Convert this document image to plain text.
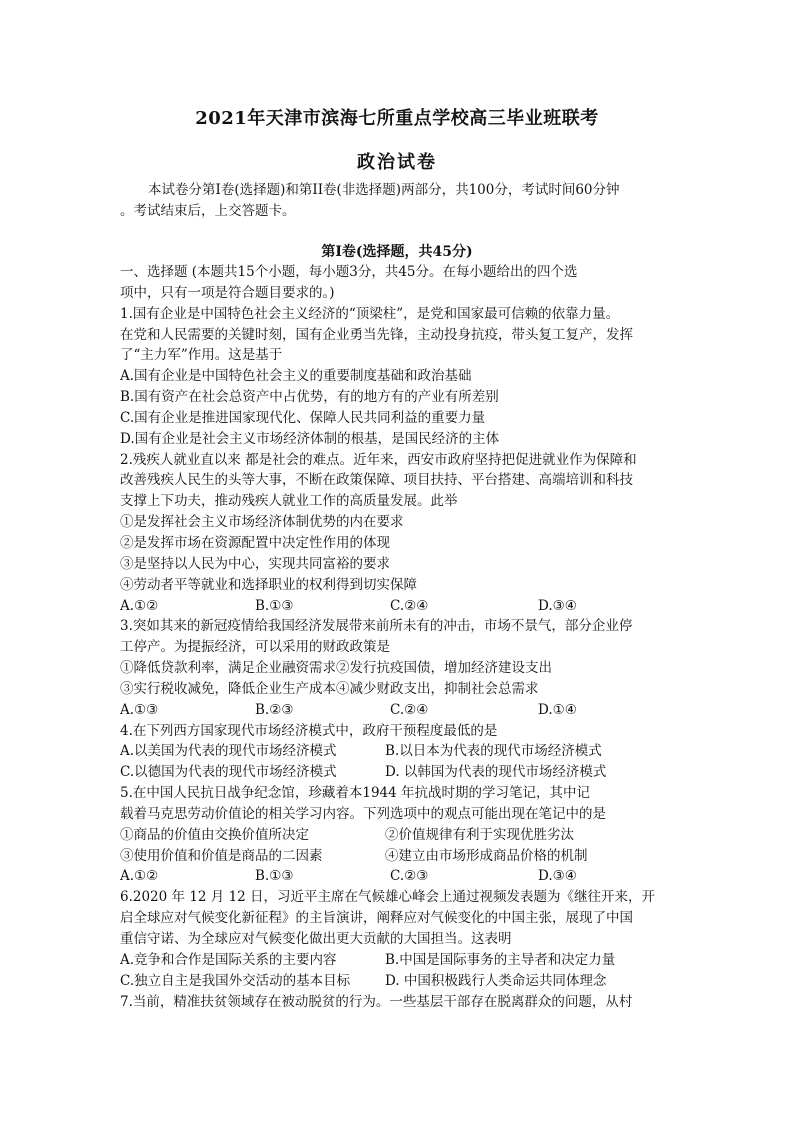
2021年天津市滨海七所重点学校高三毕业班联考
政治试卷
本试卷分第I卷(选择题)和第II卷(非选择题)两部分，共100分，考试时间60分钟
。考试结束后，上交答题卡。
第I卷(选择题，共45分)
一、选择题 (本题共15个小题，每小题3分，共45分。在每小题给出的四个选
项中，只有一项是符合题目要求的。)
1.国有企业是中国特色社会主义经济的“顶梁柱”，是党和国家最可信赖的依靠力量。
在党和人民需要的关键时刻，国有企业勇当先锋，主动投身抗疫，带头复工复产，发挥
了“主力军”作用。这是基于
A.国有企业是中国特色社会主义的重要制度基础和政治基础
B.国有资产在社会总资产中占优势，有的地方有的产业有所差别
C.国有企业是推进国家现代化、保障人民共同利益的重要力量
D.国有企业是社会主义市场经济体制的根基，是国民经济的主体
2.残疾人就业直以来 都是社会的难点。近年来，西安市政府坚持把促进就业作为保障和
改善残疾人民生的头等大事，不断在政策保障、项目扶持、平台搭建、高端培训和科技
支撑上下功夫，推动残疾人就业工作的高质量发展。此举
①是发挥社会主义市场经济体制优势的内在要求
②是发挥市场在资源配置中决定性作用的体现
③是坚持以人民为中心，实现共同富裕的要求
④劳动者平等就业和选择职业的权利得到切实保障
A.①②	B.①③	C.②④	D.③④
3.突如其来的新冠疫情给我国经济发展带来前所未有的冲击，市场不景气，部分企业停
工停产。为提振经济，可以采用的财政政策是
①降低贷款利率，满足企业融资需求②发行抗疫国债，增加经济建设支出
③实行税收减免，降低企业生产成本④减少财政支出，抑制社会总需求
A.①③	B.②③	C.②④	D.①④
4.在下列西方国家现代市场经济模式中，政府干预程度最低的是
A.以美国为代表的现代市场经济模式	B.以日本为代表的现代市场经济模式
C.以德国为代表的现代市场经济模式	D. 以韩国为代表的现代市场经济模式
5.在中国人民抗日战争纪念馆，珍藏着本1944 年抗战时期的学习笔记，其中记
载着马克思劳动价值论的相关学习内容。下列选项中的观点可能出现在笔记中的是
①商品的价值由交换价值所决定	②价值规律有利于实现优胜劣汰
③使用价值和价值是商品的二因素	④建立由市场形成商品价格的机制
A.①②	B.①③	C.②③	D.③④
6.2020 年 12 月 12 日，习近平主席在气候雄心峰会上通过视频发表题为《继往开来，开
启全球应对气候变化新征程》的主旨演讲，阐释应对气候变化的中国主张，展现了中国
重信守诺、为全球应对气候变化做出更大贡献的大国担当。这表明
A.竞争和合作是国际关系的主要内容	B.中国是国际事务的主导者和决定力量
C.独立自主是我国外交活动的基本目标	D. 中国积极践行人类命运共同体理念
7.当前，精准扶贫领域存在被动脱贫的行为。一些基层干部存在脱离群众的问题，从村
